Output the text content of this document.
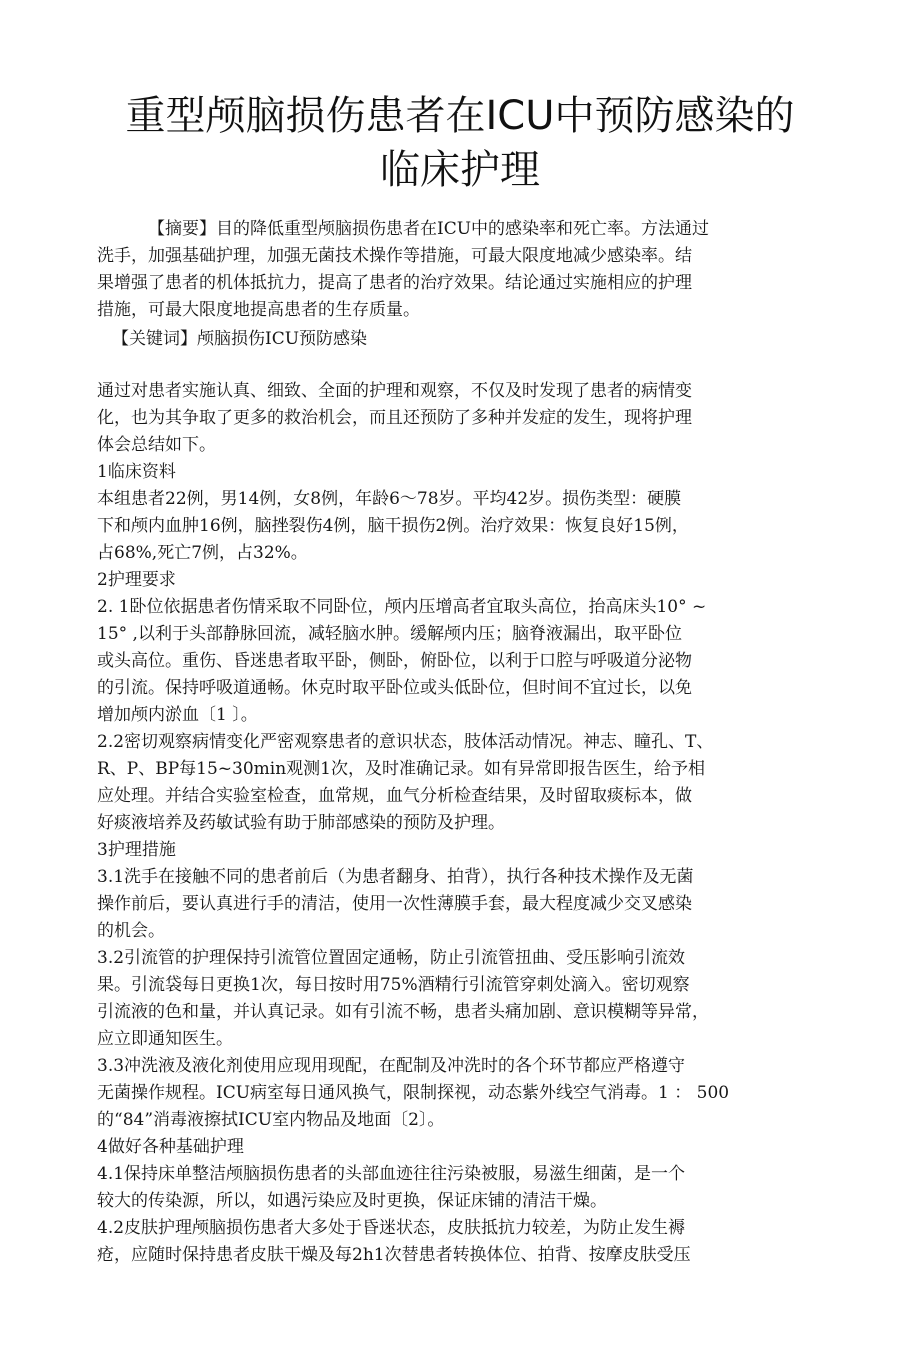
重型颅脑损伤患者在ICU中预防感染的
临床护理
【摘要】目的降低重型颅脑损伤患者在ICU中的感染率和死亡率。方法通过
洗手，加强基础护理，加强无菌技术操作等措施，可最大限度地减少感染率。结
果增强了患者的机体抵抗力，提高了患者的治疗效果。结论通过实施相应的护理
措施，可最大限度地提高患者的生存质量。
【关键词】颅脑损伤ICU预防感染
通过对患者实施认真、细致、全面的护理和观察，不仅及时发现了患者的病情变
化，也为其争取了更多的救治机会，而且还预防了多种并发症的发生，现将护理
体会总结如下。
1临床资料
本组患者22例，男14例，女8例，年龄6～78岁。平均42岁。损伤类型：硬膜
下和颅内血肿16例，脑挫裂伤4例，脑干损伤2例。治疗效果：恢复良好15例，
占68%,死亡7例，占32%。
2护理要求
2. 1卧位依据患者伤情采取不同卧位，颅内压增高者宜取头高位，抬高床头10° ~
15° ,以利于头部静脉回流，减轻脑水肿。缓解颅内压；脑脊液漏出，取平卧位
或头高位。重伤、昏迷患者取平卧，侧卧，俯卧位，以利于口腔与呼吸道分泌物
的引流。保持呼吸道通畅。休克时取平卧位或头低卧位，但时间不宜过长，以免
增加颅内淤血〔1 〕。
2.2密切观察病情变化严密观察患者的意识状态，肢体活动情况。神志、瞳孔、T、
R、P、BP每15~30min观测1次，及时准确记录。如有异常即报告医生，给予相
应处理。并结合实验室检查，血常规，血气分析检查结果，及时留取痰标本，做
好痰液培养及药敏试验有助于肺部感染的预防及护理。
3护理措施
3.1洗手在接触不同的患者前后（为患者翻身、拍背），执行各种技术操作及无菌
操作前后，要认真进行手的清洁，使用一次性薄膜手套，最大程度减少交叉感染
的机会。
3.2引流管的护理保持引流管位置固定通畅，防止引流管扭曲、受压影响引流效
果。引流袋每日更换1次，每日按时用75%酒精行引流管穿刺处滴入。密切观察
引流液的色和量，并认真记录。如有引流不畅，患者头痛加剧、意识模糊等异常，
应立即通知医生。
3.3冲洗液及液化剂使用应现用现配，在配制及冲洗时的各个环节都应严格遵守
无菌操作规程。ICU病室每日通风换气，限制探视，动态紫外线空气消毒。1 ： 500
的“84”消毒液擦拭ICU室内物品及地面〔2〕。
4做好各种基础护理
4.1保持床单整洁颅脑损伤患者的头部血迹往往污染被服，易滋生细菌，是一个
较大的传染源，所以，如遇污染应及时更换，保证床铺的清洁干燥。
4.2皮肤护理颅脑损伤患者大多处于昏迷状态，皮肤抵抗力较差，为防止发生褥
疮，应随时保持患者皮肤干燥及每2h1次替患者转换体位、拍背、按摩皮肤受压
